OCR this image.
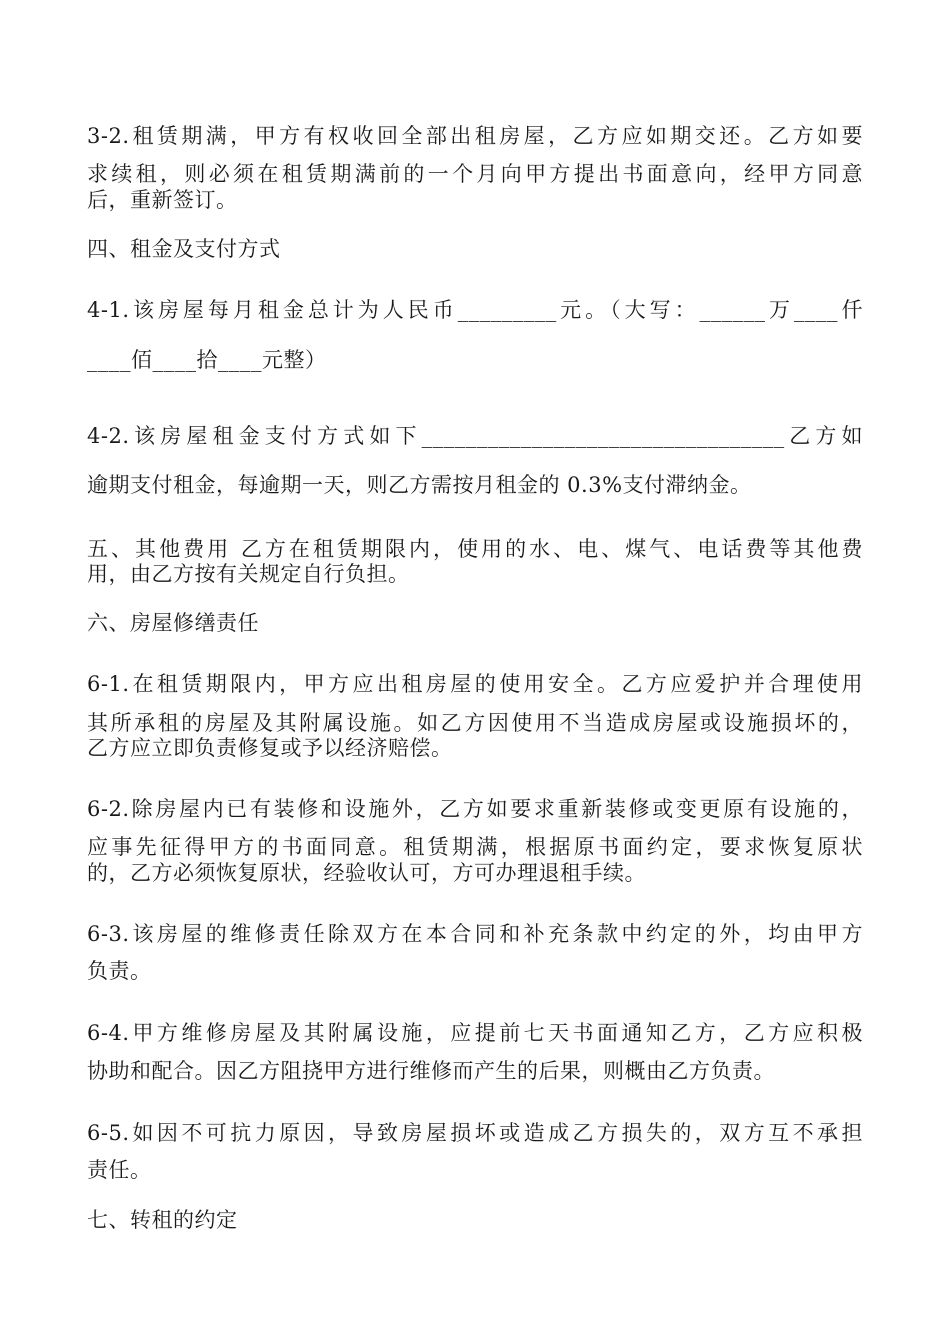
3-2.租赁期满，甲方有权收回全部出租房屋，乙方应如期交还。乙方如要
求续租，则必须在租赁期满前的一个月向甲方提出书面意向，经甲方同意
后，重新签订。
四、租金及支付方式
4-1.该房屋每月租金总计为人民币_________元。（大写：______万____仟
____佰____拾____元整）
4-2.该房屋租金支付方式如下_________________________________乙方如
逾期支付租金，每逾期一天，则乙方需按月租金的 0.3%支付滞纳金。
五、其他费用 乙方在租赁期限内，使用的水、电、煤气、电话费等其他费
用，由乙方按有关规定自行负担。
六、房屋修缮责任
6-1.在租赁期限内，甲方应出租房屋的使用安全。乙方应爱护并合理使用
其所承租的房屋及其附属设施。如乙方因使用不当造成房屋或设施损坏的，
乙方应立即负责修复或予以经济赔偿。
6-2.除房屋内已有装修和设施外，乙方如要求重新装修或变更原有设施的，
应事先征得甲方的书面同意。租赁期满，根据原书面约定，要求恢复原状
的，乙方必须恢复原状，经验收认可，方可办理退租手续。
6-3.该房屋的维修责任除双方在本合同和补充条款中约定的外，均由甲方
负责。
6-4.甲方维修房屋及其附属设施，应提前七天书面通知乙方，乙方应积极
协助和配合。因乙方阻挠甲方进行维修而产生的后果，则概由乙方负责。
6-5.如因不可抗力原因，导致房屋损坏或造成乙方损失的，双方互不承担
责任。
七、转租的约定
